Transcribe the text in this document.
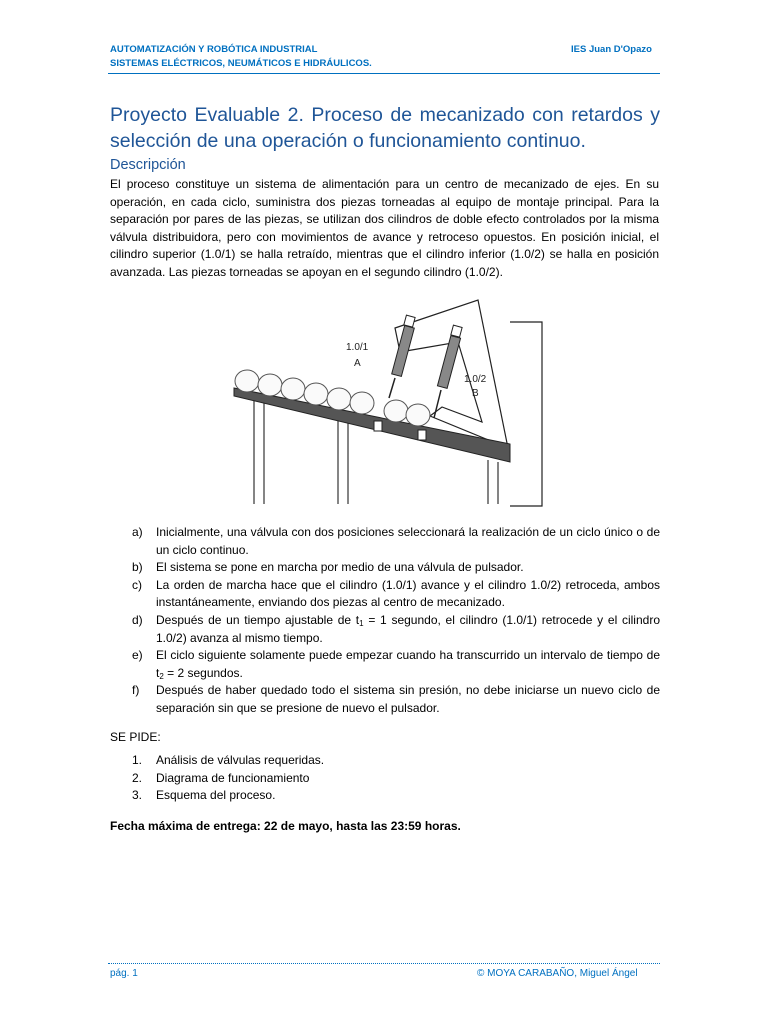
AUTOMATIZACIÓN Y ROBÓTICA INDUSTRIAL
SISTEMAS ELÉCTRICOS, NEUMÁTICOS E HIDRÁULICOS.
IES Juan D'Opazo
Proyecto Evaluable 2. Proceso de mecanizado con retardos y selección de una operación o funcionamiento continuo.
Descripción
El proceso constituye un sistema de alimentación para un centro de mecanizado de ejes. En su operación, en cada ciclo, suministra dos piezas torneadas al equipo de montaje principal. Para la separación por pares de las piezas, se utilizan dos cilindros de doble efecto controlados por la misma válvula distribuidora, pero con movimientos de avance y retroceso opuestos. En posición inicial, el cilindro superior (1.0/1) se halla retraído, mientras que el cilindro inferior (1.0/2) se halla en posición avanzada. Las piezas torneadas se apoyan en el segundo cilindro (1.0/2).
1.0/1
A
1.0/2
B
a) Inicialmente, una válvula con dos posiciones seleccionará la realización de un ciclo único o de un ciclo continuo.
b) El sistema se pone en marcha por medio de una válvula de pulsador.
c) La orden de marcha hace que el cilindro (1.0/1) avance y el cilindro 1.0/2) retroceda, ambos instantáneamente, enviando dos piezas al centro de mecanizado.
d) Después de un tiempo ajustable de $t_1 = 1$ segundo, el cilindro (1.0/1) retrocede y el cilindro 1.0/2) avanza al mismo tiempo.
e) El ciclo siguiente solamente puede empezar cuando ha transcurrido un intervalo de tiempo de $t_2 = 2$ segundos.
f) Después de haber quedado todo el sistema sin presión, no debe iniciarse un nuevo ciclo de separación sin que se presione de nuevo el pulsador.
SE PIDE:
1. Análisis de válvulas requeridas.
2. Diagrama de funcionamiento
3. Esquema del proceso.
Fecha máxima de entrega: 22 de mayo, hasta las 23:59 horas.
pág. 1	© MOYA CARABAÑO, Miguel Ángel
